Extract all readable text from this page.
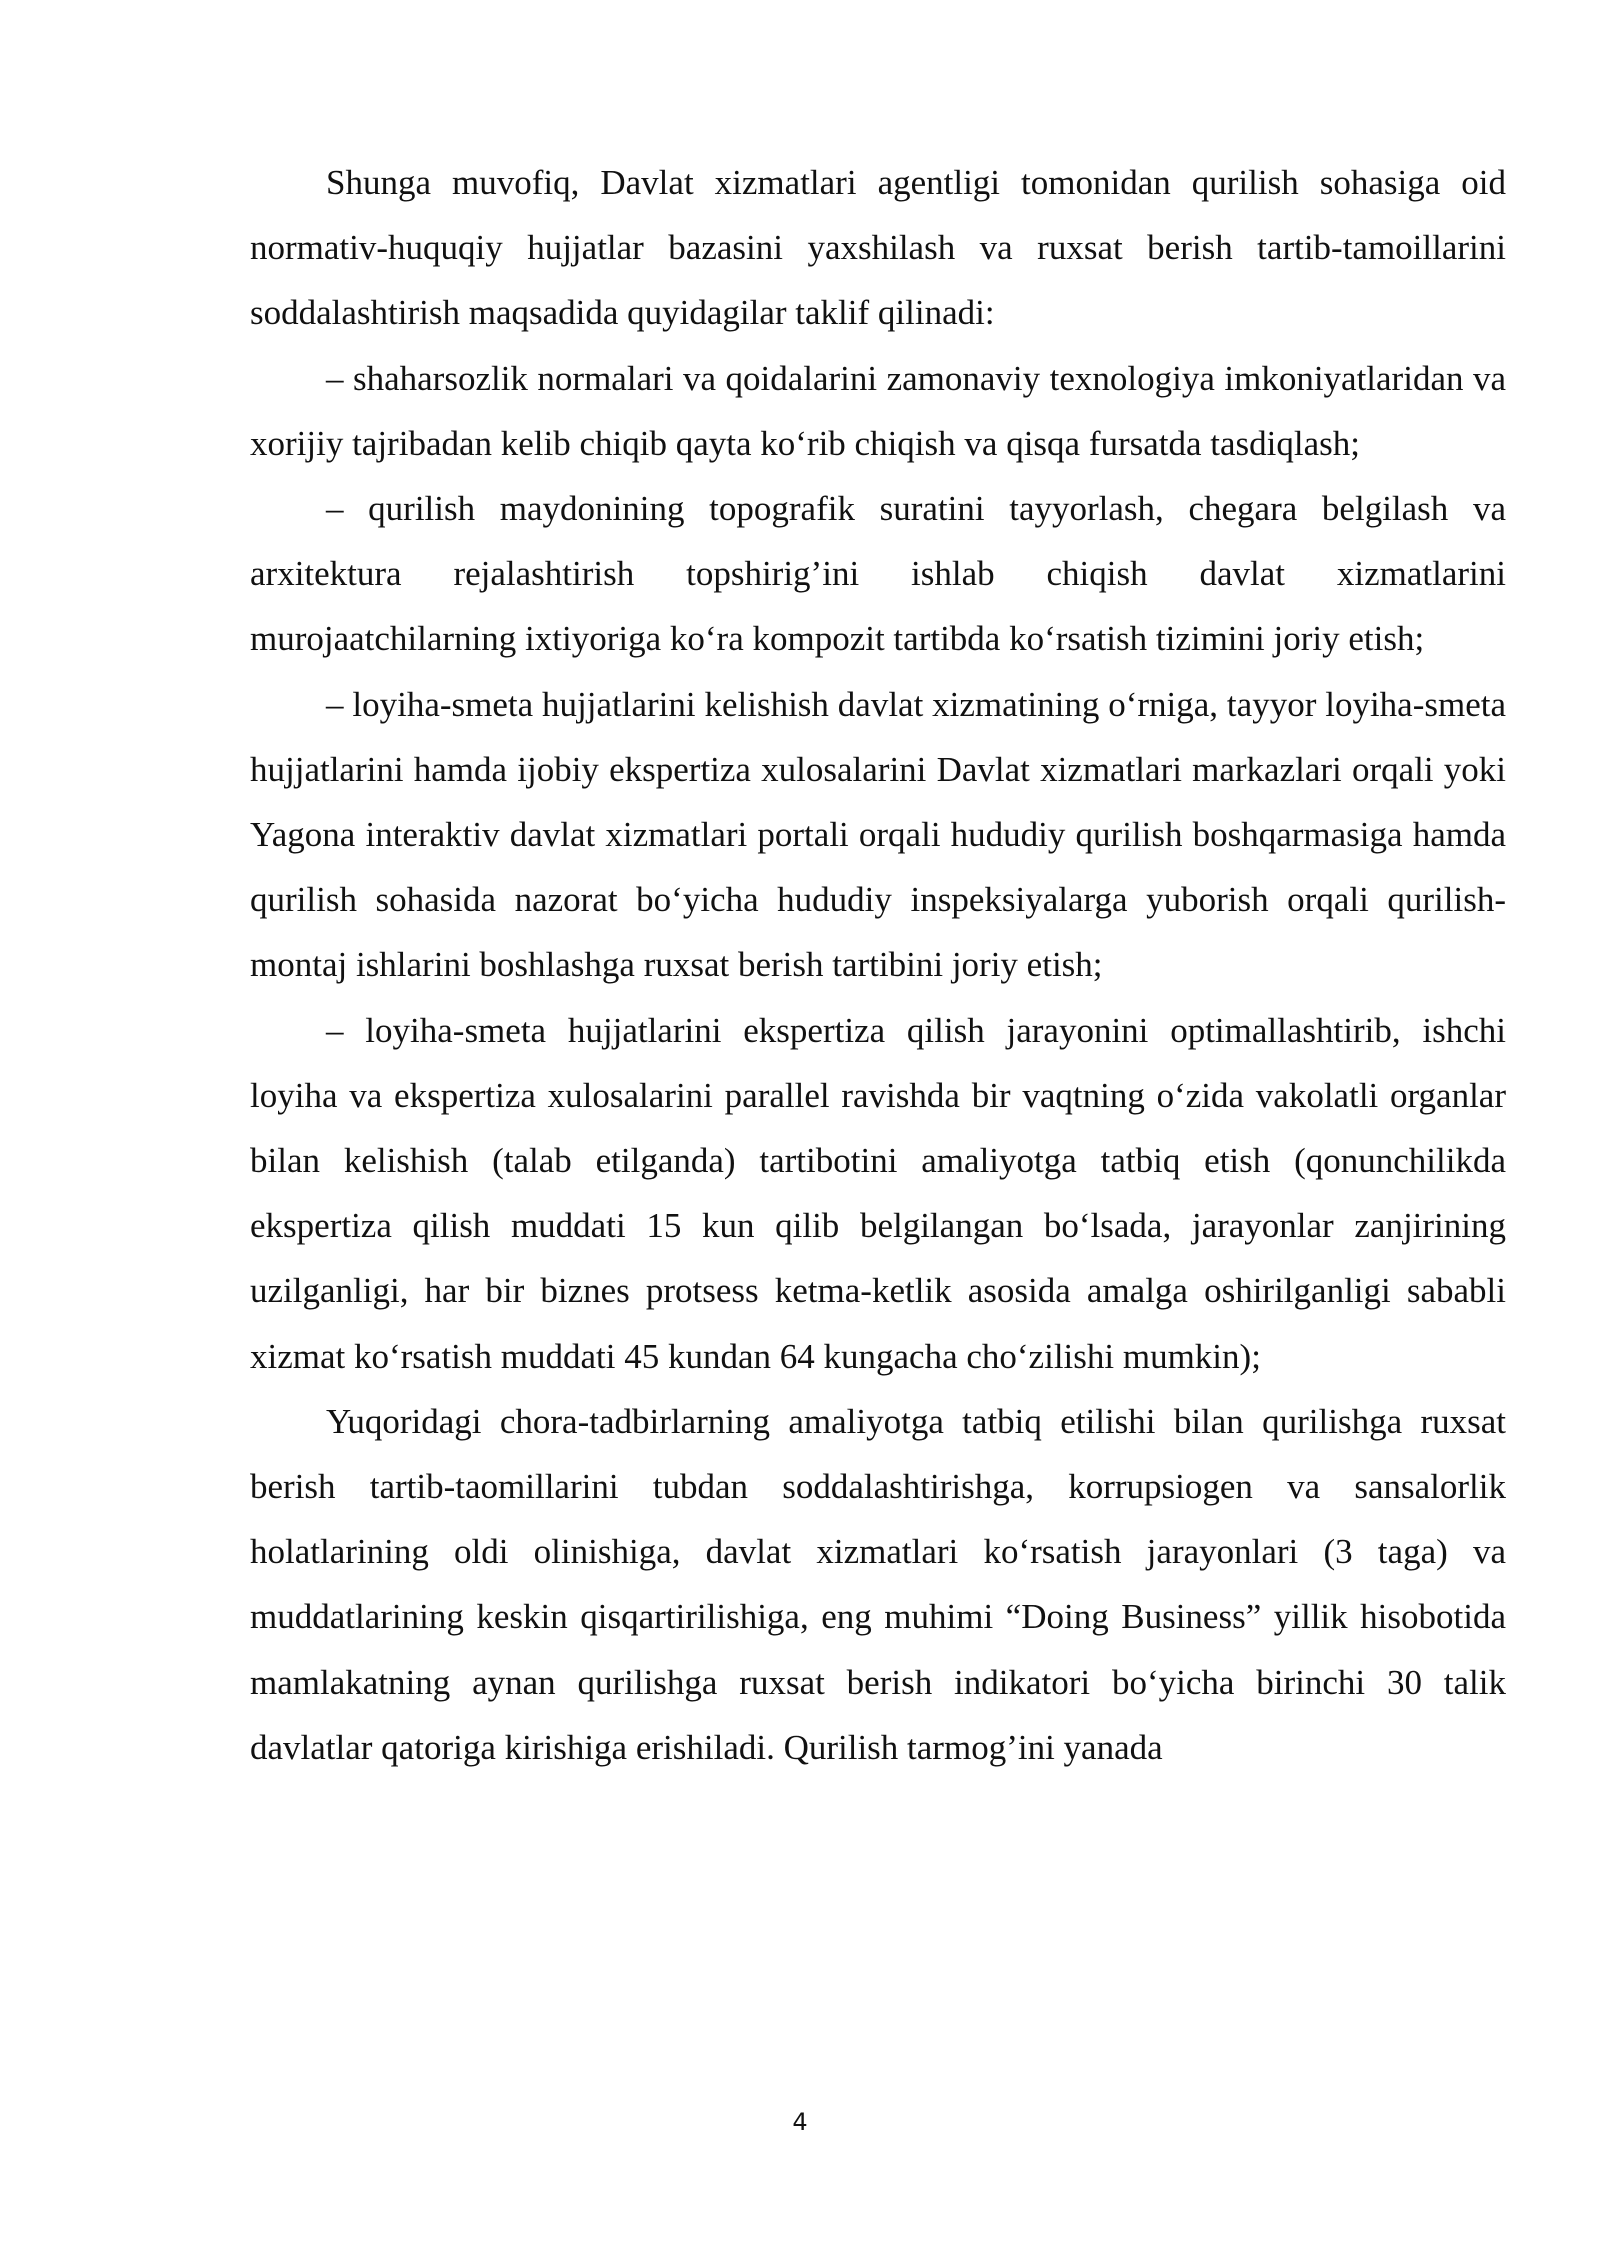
Shunga muvofiq, Davlat xizmatlari agentligi tomonidan qurilish sohasiga oid normativ-huquqiy hujjatlar bazasini yaxshilash va ruxsat berish tartib-tamoillarini soddalashtirish maqsadida quyidagilar taklif qilinadi:

– shaharsozlik normalari va qoidalarini zamonaviy texnologiya imkoniyatlaridan va xorijiy tajribadan kelib chiqib qayta ko‘rib chiqish va qisqa fursatda tasdiqlash;

– qurilish maydonining topografik suratini tayyorlash, chegara belgilash va arxitektura rejalashtirish topshirig’ini ishlab chiqish davlat xizmatlarini murojaatchilarning ixtiyoriga ko‘ra kompozit tartibda ko‘rsatish tizimini joriy etish;

– loyiha-smeta hujjatlarini kelishish davlat xizmatining o‘rniga, tayyor loyiha-smeta hujjatlarini hamda ijobiy ekspertiza xulosalarini Davlat xizmatlari markazlari orqali yoki Yagona interaktiv davlat xizmatlari portali orqali hududiy qurilish boshqarmasiga hamda qurilish sohasida nazorat bo‘yicha hududiy inspeksiyalarga yuborish orqali qurilish-montaj ishlarini boshlashga ruxsat berish tartibini joriy etish;

– loyiha-smeta hujjatlarini ekspertiza qilish jarayonini optimallashtirib, ishchi loyiha va ekspertiza xulosalarini parallel ravishda bir vaqtning o‘zida vakolatli organlar bilan kelishish (talab etilganda) tartibotini amaliyotga tatbiq etish (qonunchilikda ekspertiza qilish muddati 15 kun qilib belgilangan bo‘lsada, jarayonlar zanjirining uzilganligi, har bir biznes protsess ketma-ketlik asosida amalga oshirilganligi sababli xizmat ko‘rsatish muddati 45 kundan 64 kungacha cho‘zilishi mumkin);

Yuqoridagi chora-tadbirlarning amaliyotga tatbiq etilishi bilan qurilishga ruxsat berish tartib-taomillarini tubdan soddalashtirishga, korrupsiogen va sansalorlik holatlarining oldi olinishiga, davlat xizmatlari ko‘rsatish jarayonlari (3 taga) va muddatlarining keskin qisqartirilishiga, eng muhimi “Doing Business” yillik hisobotida mamlakatning aynan qurilishga ruxsat berish indikatori bo‘yicha birinchi 30 talik davlatlar qatoriga kirishiga erishiladi. Qurilish tarmog’ini yanada

4
